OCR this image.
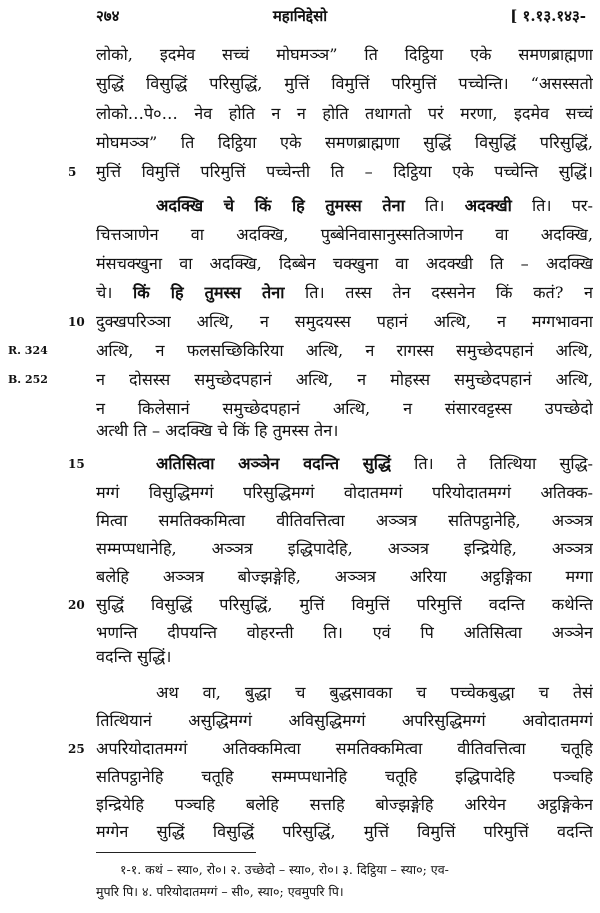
२७४	महानिद्देसो	[ १.१३.१४३-
R. 324
B. 252
5
10
15
20
25
लोको, इदमेव सच्चं मोघमञ्ञ” ति दिट्ठिया एके समणब्राह्मणा
सुद्धिं विसुद्धिं परिसुद्धिं, मुत्तिं विमुत्तिं परिमुत्तिं पच्चेन्ति। “असस्सतो
लोको…पे०… नेव होति न न होति तथागतो परं मरणा, इदमेव सच्चं
मोघमञ्ञ” ति दिट्ठिया एके समणब्राह्मणा सुद्धिं विसुद्धिं परिसुद्धिं,
मुत्तिं विमुत्तिं परिमुत्तिं पच्चेन्ती ति – दिट्ठिया एके पच्चेन्ति सुद्धिं।
अदक्खि चे किं हि तुमस्स तेना ति। अदक्खी ति। पर-
चित्तञाणेन वा अदक्खि, पुब्बेनिवासानुस्सतिञाणेन वा अदक्खि,
मंसचक्खुना वा अदक्खि, दिब्बेन चक्खुना वा अदक्खी ति – अदक्खि
चे। किं हि तुमस्स तेना ति। तस्स तेन दस्सनेन किं कतं? न
दुक्खपरिञ्ञा अत्थि, न समुदयस्स पहानं अत्थि, न मग्गभावना
अत्थि, न फलसच्छिकिरिया अत्थि, न रागस्स समुच्छेदपहानं अत्थि,
न दोसस्स समुच्छेदपहानं अत्थि, न मोहस्स समुच्छेदपहानं अत्थि,
न किलेसानं समुच्छेदपहानं अत्थि, न संसारवट्टस्स उपच्छेदो
अत्थी ति – अदक्खि चे किं हि तुमस्स तेन।
अतिसित्वा अञ्ञेन वदन्ति सुद्धिं ति। ते तित्थिया सुद्धि-
मग्गं विसुद्धिमग्गं परिसुद्धिमग्गं वोदातमग्गं परियोदातमग्गं अतिक्क-
मित्वा समतिक्कमित्वा वीतिवत्तित्वा अञ्ञत्र सतिपट्ठानेहि, अञ्ञत्र
सम्मप्पधानेहि, अञ्ञत्र इद्धिपादेहि, अञ्ञत्र इन्द्रियेहि, अञ्ञत्र
बलेहि अञ्ञत्र बोज्झङ्गेहि, अञ्ञत्र अरिया अट्ठङ्गिका मग्गा
सुद्धिं विसुद्धिं परिसुद्धिं, मुत्तिं विमुत्तिं परिमुत्तिं वदन्ति कथेन्ति
भणन्ति दीपयन्ति वोहरन्ती ति। एवं पि अतिसित्वा अञ्ञेन
वदन्ति सुद्धिं।
अथ वा, बुद्धा च बुद्धसावका च पच्चेकबुद्धा च तेसं
तित्थियानं असुद्धिमग्गं अविसुद्धिमग्गं अपरिसुद्धिमग्गं अवोदातमग्गं
अपरियोदातमग्गं अतिक्कमित्वा समतिक्कमित्वा वीतिवत्तित्वा चतूहि
सतिपट्ठानेहि चतूहि सम्मप्पधानेहि चतूहि इद्धिपादेहि पञ्चहि
इन्द्रियेहि पञ्चहि बलेहि सत्तहि बोज्झङ्गेहि अरियेन अट्ठङ्गिकेन
मग्गेन सुद्धिं विसुद्धिं परिसुद्धिं, मुत्तिं विमुत्तिं परिमुत्तिं वदन्ति
१-१. कथं – स्या०, रो०। २. उच्छेदो – स्या०, रो०। ३. दिट्ठिया – स्या०; एव-
मुपरि पि। ४. परियोदातमग्गं – सी०, स्या०; एवमुपरि पि।
